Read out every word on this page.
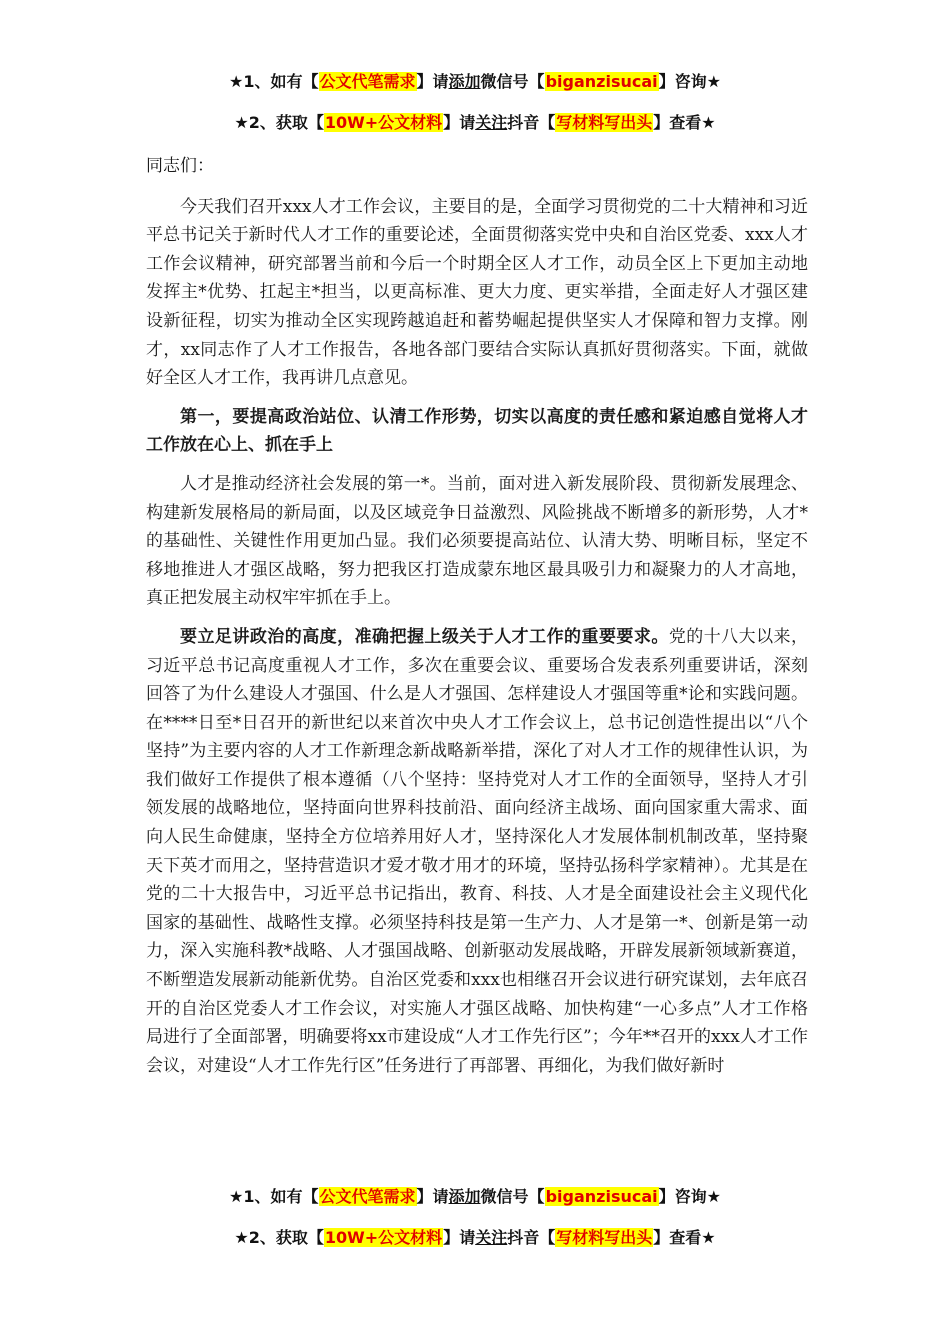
★1、如有【公文代笔需求】请添加微信号【biganzisucai】咨询★
★2、获取【10W+公文材料】请关注抖音【写材料写出头】查看★

同志们：

今天我们召开xxx人才工作会议，主要目的是，全面学习贯彻党的二十大精神和习近平总书记关于新时代人才工作的重要论述，全面贯彻落实党中央和自治区党委、xxx人才工作会议精神，研究部署当前和今后一个时期全区人才工作，动员全区上下更加主动地发挥主*优势、扛起主*担当，以更高标准、更大力度、更实举措，全面走好人才强区建设新征程，切实为推动全区实现跨越追赶和蓄势崛起提供坚实人才保障和智力支撑。刚才，xx同志作了人才工作报告，各地各部门要结合实际认真抓好贯彻落实。下面，就做好全区人才工作，我再讲几点意见。

第一，要提高政治站位、认清工作形势，切实以高度的责任感和紧迫感自觉将人才工作放在心上、抓在手上

人才是推动经济社会发展的第一*。当前，面对进入新发展阶段、贯彻新发展理念、构建新发展格局的新局面，以及区域竞争日益激烈、风险挑战不断增多的新形势，人才*的基础性、关键性作用更加凸显。我们必须要提高站位、认清大势、明晰目标，坚定不移地推进人才强区战略，努力把我区打造成蒙东地区最具吸引力和凝聚力的人才高地，真正把发展主动权牢牢抓在手上。

要立足讲政治的高度，准确把握上级关于人才工作的重要要求。党的十八大以来，习近平总书记高度重视人才工作，多次在重要会议、重要场合发表系列重要讲话，深刻回答了为什么建设人才强国、什么是人才强国、怎样建设人才强国等重*论和实践问题。在****日至*日召开的新世纪以来首次中央人才工作会议上，总书记创造性提出以“八个坚持”为主要内容的人才工作新理念新战略新举措，深化了对人才工作的规律性认识，为我们做好工作提供了根本遵循（八个坚持：坚持党对人才工作的全面领导，坚持人才引领发展的战略地位，坚持面向世界科技前沿、面向经济主战场、面向国家重大需求、面向人民生命健康，坚持全方位培养用好人才，坚持深化人才发展体制机制改革，坚持聚天下英才而用之，坚持营造识才爱才敬才用才的环境，坚持弘扬科学家精神）。尤其是在党的二十大报告中，习近平总书记指出，教育、科技、人才是全面建设社会主义现代化国家的基础性、战略性支撑。必须坚持科技是第一生产力、人才是第一*、创新是第一动力，深入实施科教*战略、人才强国战略、创新驱动发展战略，开辟发展新领域新赛道，不断塑造发展新动能新优势。自治区党委和xxx也相继召开会议进行研究谋划，去年底召开的自治区党委人才工作会议，对实施人才强区战略、加快构建“一心多点”人才工作格局进行了全面部署，明确要将xx市建设成“人才工作先行区”；今年**召开的xxx人才工作会议，对建设“人才工作先行区”任务进行了再部署、再细化，为我们做好新时

★1、如有【公文代笔需求】请添加微信号【biganzisucai】咨询★
★2、获取【10W+公文材料】请关注抖音【写材料写出头】查看★
